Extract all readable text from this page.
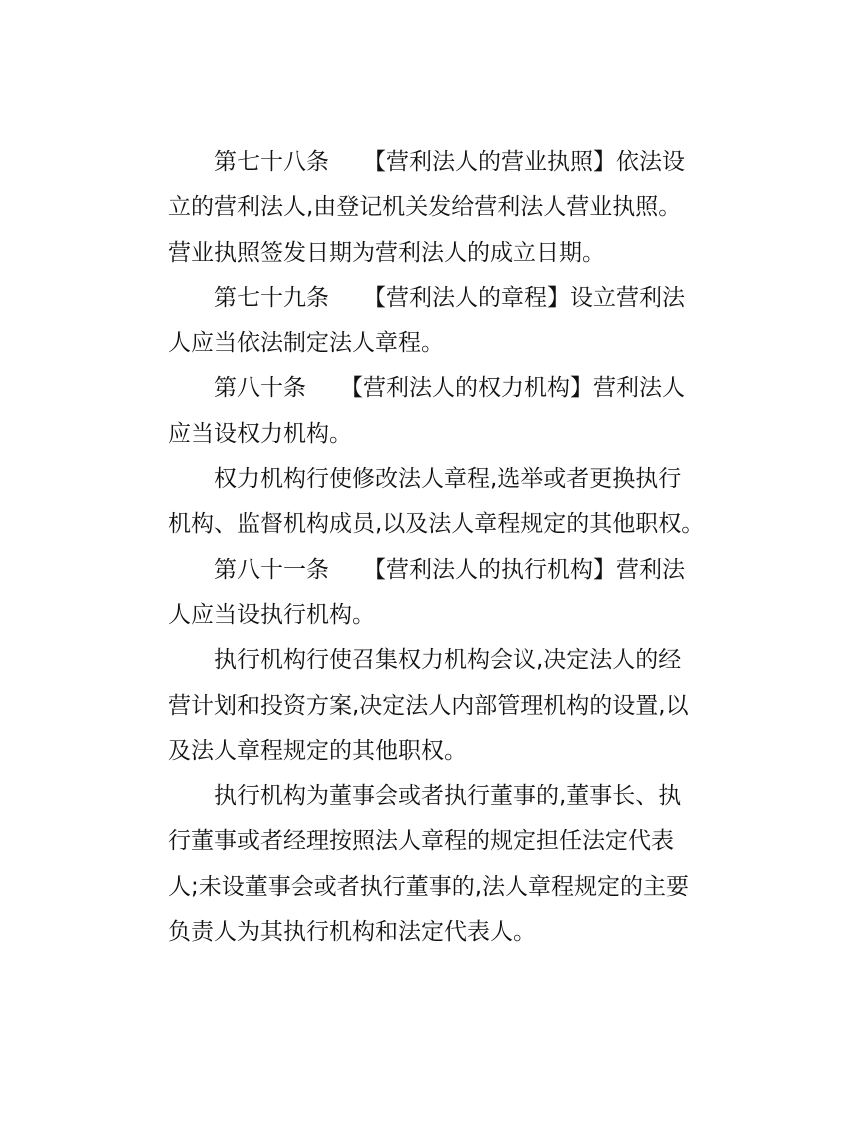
第七十八条 【营利法人的营业执照】依法设
立的营利法人,由登记机关发给营利法人营业执照。
营业执照签发日期为营利法人的成立日期。
第七十九条 【营利法人的章程】设立营利法
人应当依法制定法人章程。
第八十条 【营利法人的权力机构】营利法人
应当设权力机构。
权力机构行使修改法人章程,选举或者更换执行
机构、监督机构成员,以及法人章程规定的其他职权。
第八十一条 【营利法人的执行机构】营利法
人应当设执行机构。
执行机构行使召集权力机构会议,决定法人的经
营计划和投资方案,决定法人内部管理机构的设置,以
及法人章程规定的其他职权。
执行机构为董事会或者执行董事的,董事长、执
行董事或者经理按照法人章程的规定担任法定代表
人;未设董事会或者执行董事的,法人章程规定的主要
负责人为其执行机构和法定代表人。
